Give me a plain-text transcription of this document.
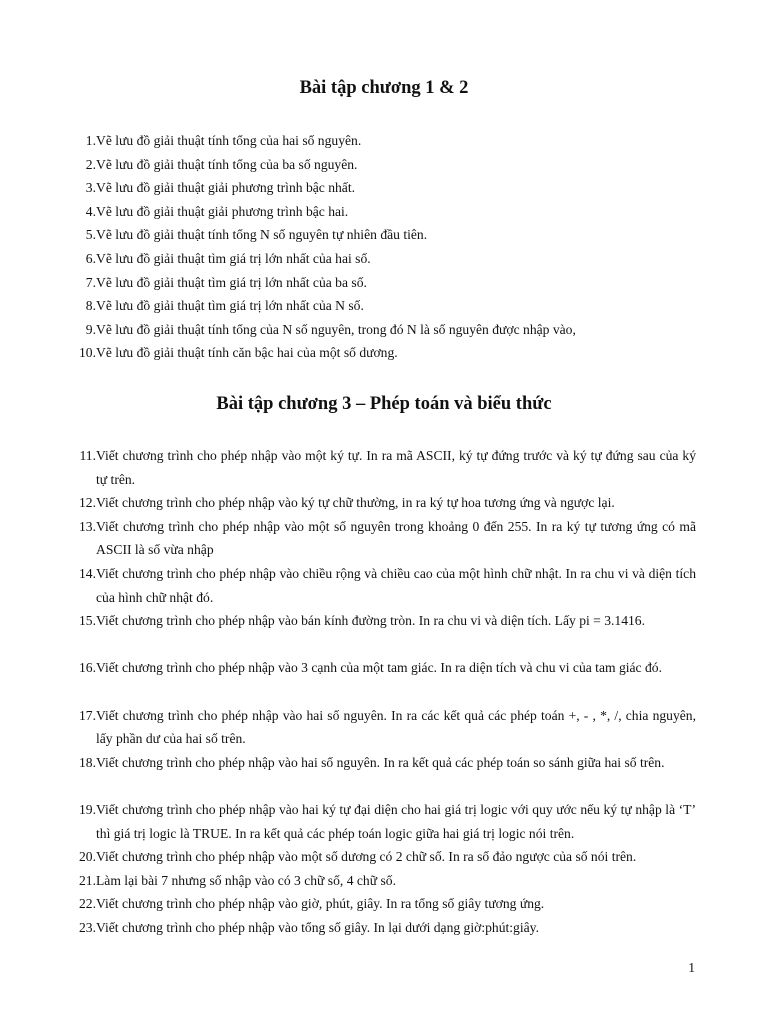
Bài tập chương 1 & 2
1. Vẽ lưu đồ giải thuật tính tổng của hai số nguyên.
2. Vẽ lưu đồ giải thuật tính tổng của ba số nguyên.
3. Vẽ lưu đồ giải thuật giải phương trình bậc nhất.
4. Vẽ lưu đồ giải thuật giải phương trình bậc hai.
5. Vẽ lưu đồ giải thuật tính tổng N số nguyên tự nhiên đầu tiên.
6. Vẽ lưu đồ giải thuật tìm giá trị lớn nhất của hai số.
7. Vẽ lưu đồ giải thuật tìm giá trị lớn nhất của ba số.
8. Vẽ lưu đồ giải thuật tìm giá trị lớn nhất của N số.
9. Vẽ lưu đồ giải thuật tính tổng của N số nguyên, trong đó N là số nguyên được nhập vào,
10. Vẽ lưu đồ giải thuật tính căn bậc hai của một số dương.
Bài tập chương 3 – Phép toán và biểu thức
11. Viết chương trình cho phép nhập vào một ký tự. In ra mã ASCII, ký tự đứng trước và ký tự đứng sau của ký tự trên.
12. Viết chương trình cho phép nhập vào ký tự chữ thường, in ra ký tự hoa tương ứng và ngược lại.
13. Viết chương trình cho phép nhập vào một số nguyên trong khoảng 0 đến 255. In ra ký tự tương ứng có mã ASCII là số vừa nhập
14. Viết chương trình cho phép nhập vào chiều rộng và chiều cao của một hình chữ nhật. In ra chu vi và diện tích của hình chữ nhật đó.
15. Viết chương trình cho phép nhập vào bán kính đường tròn. In ra chu vi và diện tích. Lấy pi = 3.1416.
16. Viết chương trình cho phép nhập vào 3 cạnh của một tam giác. In ra diện tích và chu vi của tam giác đó.
17. Viết chương trình cho phép nhập vào hai số nguyên. In ra các kết quả các phép toán +, - , *, /, chia nguyên, lấy phần dư của hai số trên.
18. Viết chương trình cho phép nhập vào hai số nguyên. In ra kết quả các phép toán so sánh giữa hai số trên.
19. Viết chương trình cho phép nhập vào hai ký tự đại diện cho hai giá trị logic với quy ước nếu ký tự nhập là ‘T’ thì giá trị logic là TRUE. In ra kết quả các phép toán logic giữa hai giá trị logic nói trên.
20. Viết chương trình cho phép nhập vào một số dương có 2 chữ số. In ra số đảo ngược của số nói trên.
21. Làm lại bài 7 nhưng số nhập vào có 3 chữ số, 4 chữ số.
22. Viết chương trình cho phép nhập vào giờ, phút, giây. In ra tổng số giây tương ứng.
23. Viết chương trình cho phép nhập vào tổng số giây. In lại dưới dạng giờ:phút:giây.
1
